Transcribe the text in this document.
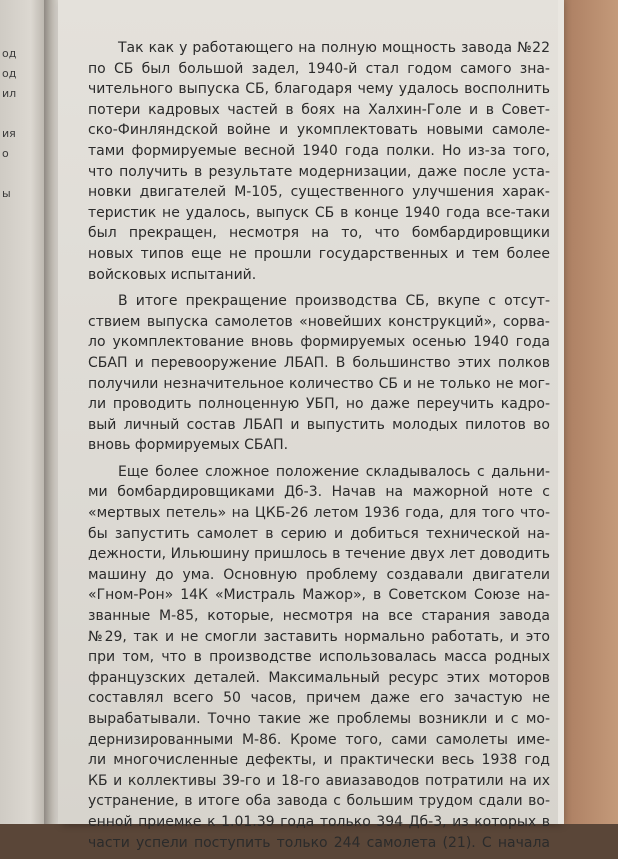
од
од
ил
ия
о
ы

Так как у работающего на полную мощность завода №22
по СБ был большой задел, 1940-й стал годом самого зна-
чительного выпуска СБ, благодаря чему удалось восполнить
потери кадровых частей в боях на Халхин-Голе и в Совет-
ско-Финляндской войне и укомплектовать новыми самоле-
тами формируемые весной 1940 года полки. Но из-за того,
что получить в результате модернизации, даже после уста-
новки двигателей М-105, существенного улучшения харак-
теристик не удалось, выпуск СБ в конце 1940 года все-таки
был прекращен, несмотря на то, что бомбардировщики
новых типов еще не прошли государственных и тем более
войсковых испытаний.

В итоге прекращение производства СБ, вкупе с отсут-
ствием выпуска самолетов «новейших конструкций», сорва-
ло укомплектование вновь формируемых осенью 1940 года
СБАП и перевооружение ЛБАП. В большинство этих полков
получили незначительное количество СБ и не только не мог-
ли проводить полноценную УБП, но даже переучить кадро-
вый личный состав ЛБАП и выпустить молодых пилотов во
вновь формируемых СБАП.

Еще более сложное положение складывалось с дальни-
ми бомбардировщиками Дб-3. Начав на мажорной ноте с
«мертвых петель» на ЦКБ-26 летом 1936 года, для того что-
бы запустить самолет в серию и добиться технической на-
дежности, Ильюшину пришлось в течение двух лет доводить
машину до ума. Основную проблему создавали двигатели
«Гном-Рон» 14К «Мистраль Мажор», в Советском Союзе на-
званные М-85, которые, несмотря на все старания завода
№29, так и не смогли заставить нормально работать, и это
при том, что в производстве использовалась масса родных
французских деталей. Максимальный ресурс этих моторов
составлял всего 50 часов, причем даже его зачастую не
вырабатывали. Точно такие же проблемы возникли и с мо-
дернизированными М-86. Кроме того, сами самолеты име-
ли многочисленные дефекты, и практически весь 1938 год
КБ и коллективы 39-го и 18-го авиазаводов потратили на их
устранение, в итоге оба завода с большим трудом сдали во-
енной приемке к 1.01.39 года только 394 Дб-3, из которых в
части успели поступить только 244 самолета (21). С начала
